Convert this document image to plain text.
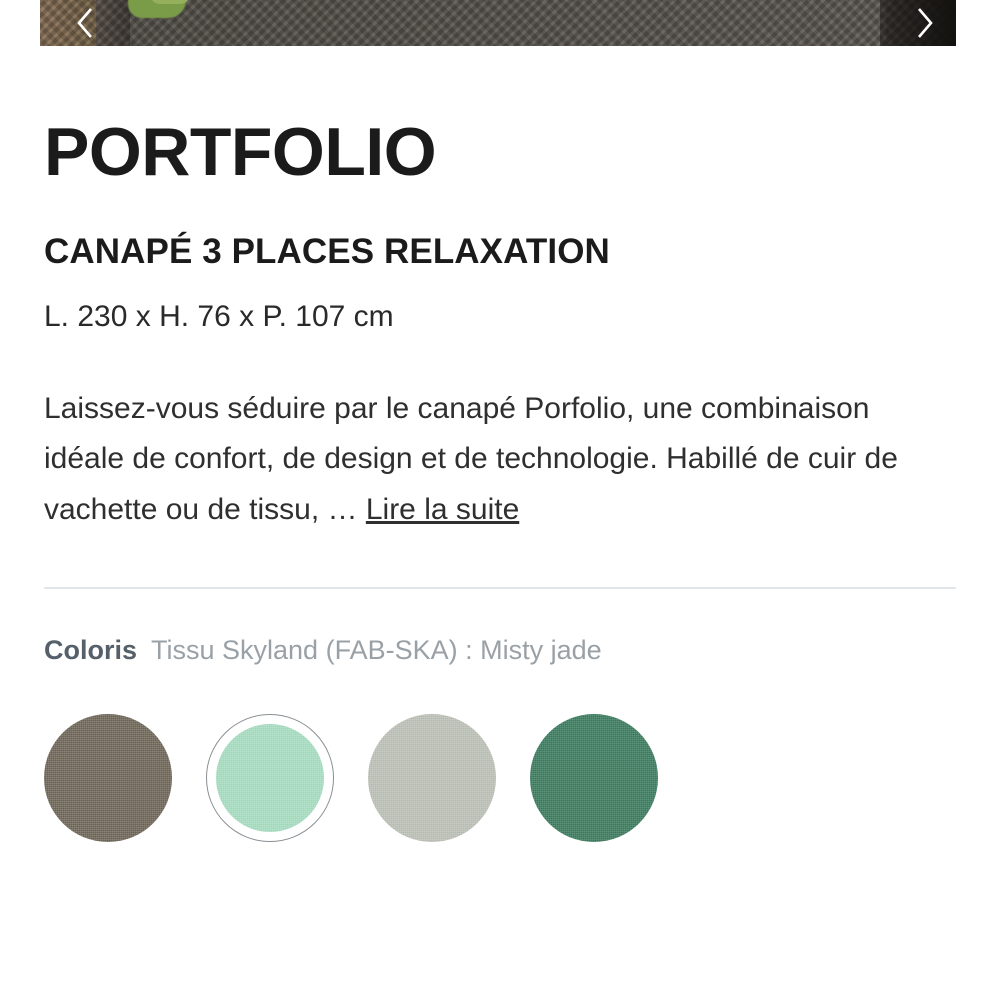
PORTFOLIO
CANAPÉ 3 PLACES RELAXATION
L. 230 x H. 76 x P. 107 cm

Laissez-vous séduire par le canapé Porfolio, une combinaison idéale de confort, de design et de technologie. Habillé de cuir de vachette ou de tissu, … Lire la suite

Coloris Tissu Skyland (FAB-SKA) : Misty jade
